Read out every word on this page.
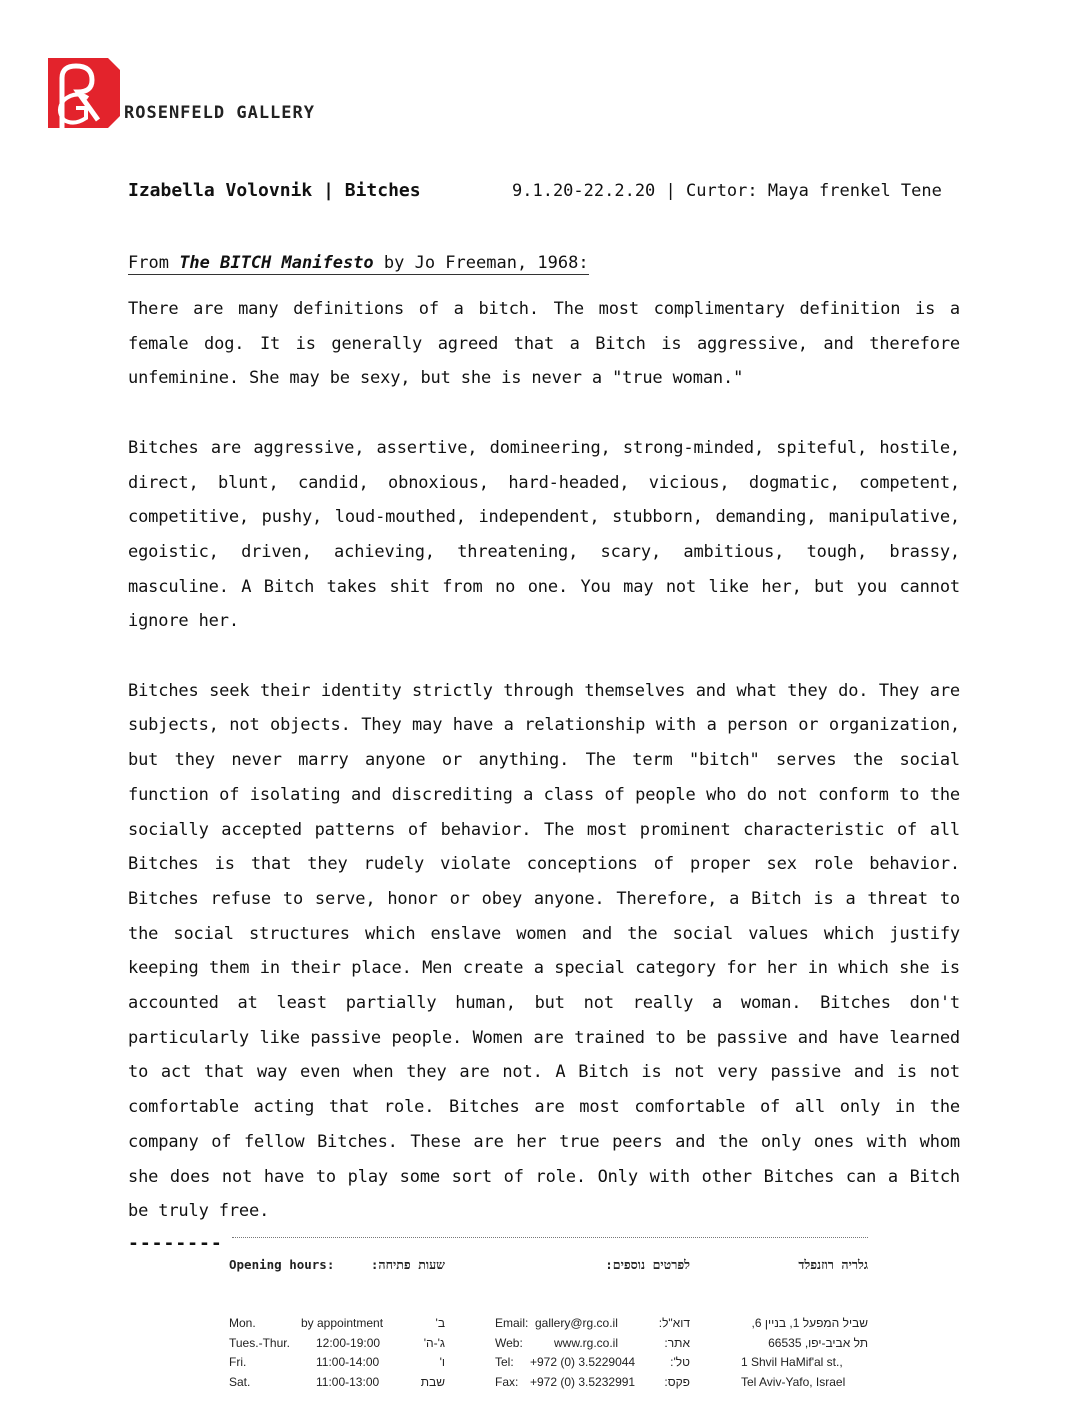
ROSENFELD GALLERY
Izabella Volovnik | Bitches	9.1.20-22.2.20 | Curtor: Maya frenkel Tene
From The BITCH Manifesto by Jo Freeman, 1968:

There are many definitions of a bitch. The most complimentary definition is a female dog. It is generally agreed that a Bitch is aggressive, and therefore unfeminine. She may be sexy, but she is never a "true woman."

Bitches are aggressive, assertive, domineering, strong-minded, spiteful, hostile, direct, blunt, candid, obnoxious, hard-headed, vicious, dogmatic, competent, competitive, pushy, loud-mouthed, independent, stubborn, demanding, manipulative, egoistic, driven, achieving, threatening, scary, ambitious, tough, brassy, masculine. A Bitch takes shit from no one. You may not like her, but you cannot ignore her.

Bitches seek their identity strictly through themselves and what they do. They are subjects, not objects. They may have a relationship with a person or organization, but they never marry anyone or anything. The term "bitch" serves the social function of isolating and discrediting a class of people who do not conform to the socially accepted patterns of behavior. The most prominent characteristic of all Bitches is that they rudely violate conceptions of proper sex role behavior. Bitches refuse to serve, honor or obey anyone. Therefore, a Bitch is a threat to the social structures which enslave women and the social values which justify keeping them in their place. Men create a special category for her in which she is accounted at least partially human, but not really a woman. Bitches don't particularly like passive people. Women are trained to be passive and have learned to act that way even when they are not. A Bitch is not very passive and is not comfortable acting that role. Bitches are most comfortable of all only in the company of fellow Bitches. These are her true peers and the only ones with whom she does not have to play some sort of role. Only with other Bitches can a Bitch be truly free.

--------
Opening hours:	שעות פתיחה:	לפרטים נוספים:	גלריה רוזנפלד
Mon.	by appointment	ב'
Tues.-Thur. 12:00-19:00	ג'-ה'
Fri.	11:00-14:00	ו'
Sat.	11:00-13:00	שבת
Email: gallery@rg.co.il	דוא"ל:
Web:	www.rg.co.il	אתר:
Tel: +972 (0) 3.5229044	טל':
Fax: +972 (0) 3.5232991	פקס:
שביל המפעל 1, בניין 6,
תל אביב-יפו, 66535
1 Shvil HaMif'al st.,
Tel Aviv-Yafo, Israel
